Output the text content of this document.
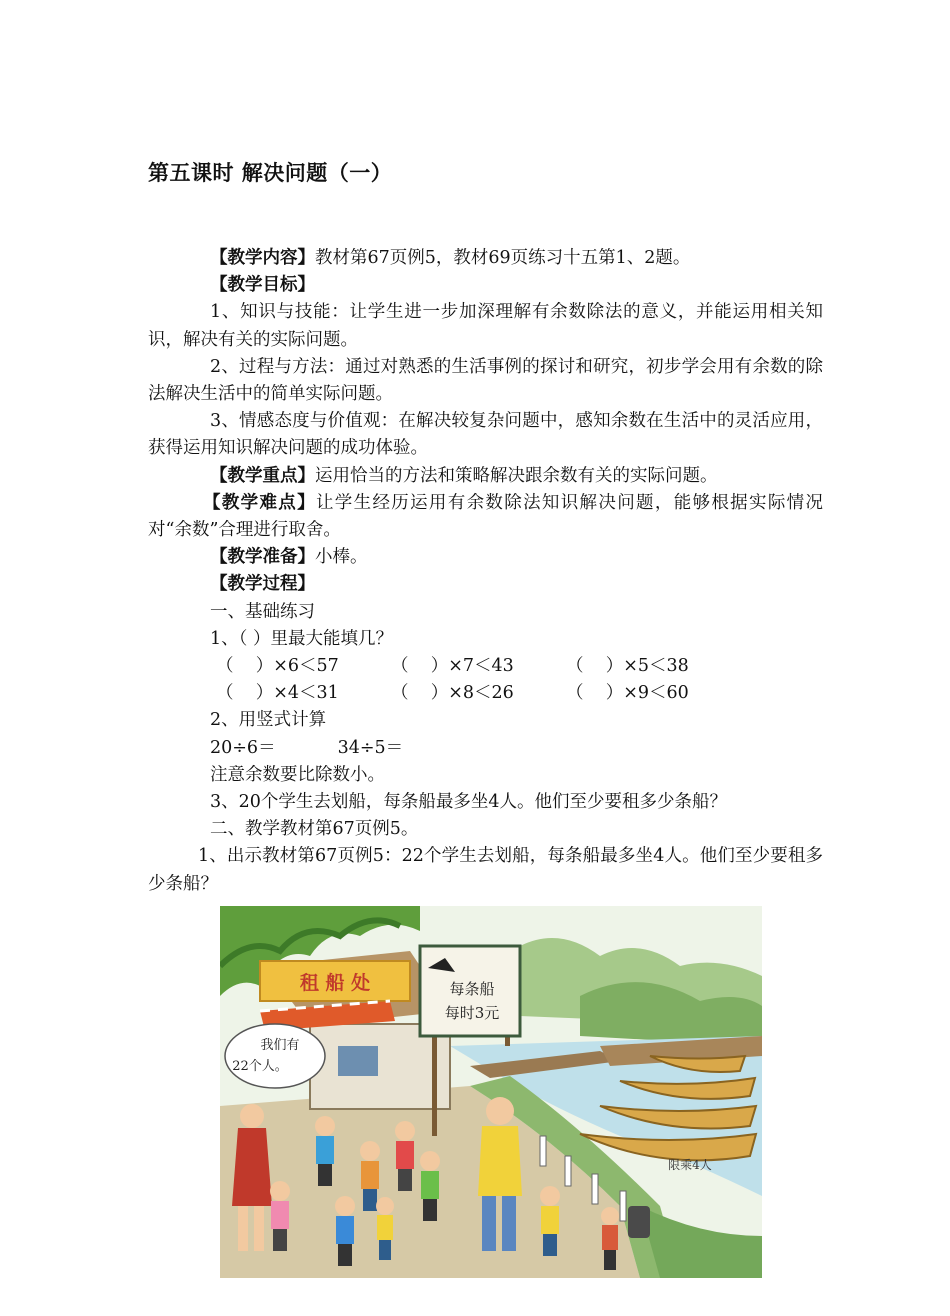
第五课时 解决问题（一）

【教学内容】教材第67页例5，教材69页练习十五第1、2题。

【教学目标】

1、知识与技能：让学生进一步加深理解有余数除法的意义，并能运用相关知识，解决有关的实际问题。

2、过程与方法：通过对熟悉的生活事例的探讨和研究，初步学会用有余数的除法解决生活中的简单实际问题。

3、情感态度与价值观：在解决较复杂问题中，感知余数在生活中的灵活应用，获得运用知识解决问题的成功体验。

【教学重点】运用恰当的方法和策略解决跟余数有关的实际问题。

【教学难点】让学生经历运用有余数除法知识解决问题，能够根据实际情况对“余数”合理进行取舍。

【教学准备】小棒。

【教学过程】

一、基础练习

1、（ ）里最大能填几？

（    ）×6＜57	（    ）×7＜43	（    ）×5＜38
（    ）×4＜31	（    ）×8＜26	（    ）×9＜60

2、用竖式计算

20÷6＝	34÷5＝

注意余数要比除数小。

3、20个学生去划船，每条船最多坐4人。他们至少要租多少条船？

二、教学教材第67页例5。

1、出示教材第67页例5：22个学生去划船，每条船最多坐4人。他们至少要租多少条船？

租 船 处	每条船
每时3元
限乘4人
我们有
22个人。
